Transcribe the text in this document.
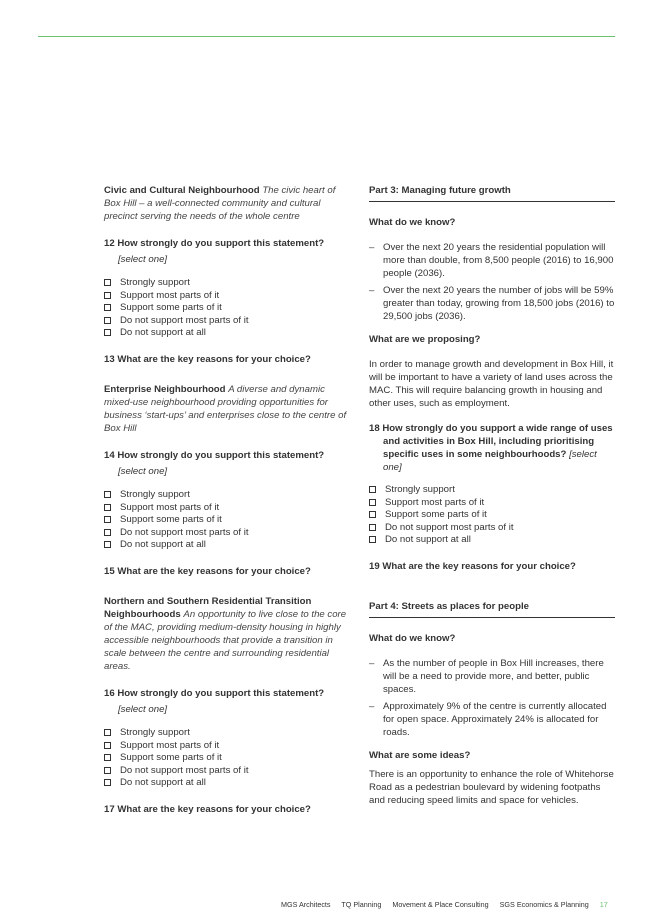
Civic and Cultural Neighbourhood The civic heart of Box Hill – a well-connected community and cultural precinct serving the needs of the whole centre

12 How strongly do you support this statement?
[select one]
Strongly support
Support most parts of it
Support some parts of it
Do not support most parts of it
Do not support at all
13 What are the key reasons for your choice?

Enterprise Neighbourhood A diverse and dynamic mixed-use neighbourhood providing opportunities for business ‘start-ups’ and enterprises close to the centre of Box Hill

14 How strongly do you support this statement?
[select one]
Strongly support
Support most parts of it
Support some parts of it
Do not support most parts of it
Do not support at all
15 What are the key reasons for your choice?

Northern and Southern Residential Transition Neighbourhoods An opportunity to live close to the core of the MAC, providing medium-density housing in highly accessible neighbourhoods that provide a transition in scale between the centre and surrounding residential areas.

16 How strongly do you support this statement?
[select one]
Strongly support
Support most parts of it
Support some parts of it
Do not support most parts of it
Do not support at all
17 What are the key reasons for your choice?
Part 3: Managing future growth
What do we know?
– Over the next 20 years the residential population will more than double, from 8,500 people (2016) to 16,900 people (2036).
– Over the next 20 years the number of jobs will be 59% greater than today, growing from 18,500 jobs (2016) to 29,500 jobs (2036).
What are we proposing?

In order to manage growth and development in Box Hill, it will be important to have a variety of land uses across the MAC. This will require balancing growth in housing and other uses, such as employment.

18 How strongly do you support a wide range of uses and activities in Box Hill, including prioritising specific uses in some neighbourhoods? [select one]
Strongly support
Support most parts of it
Support some parts of it
Do not support most parts of it
Do not support at all
19 What are the key reasons for your choice?
Part 4: Streets as places for people
What do we know?
– As the number of people in Box Hill increases, there will be a need to provide more, and better, public spaces.
– Approximately 9% of the centre is currently allocated for open space. Approximately 24% is allocated for roads.
What are some ideas?

There is an opportunity to enhance the role of Whitehorse Road as a pedestrian boulevard by widening footpaths and reducing speed limits and space for vehicles.

MGS Architects TQ Planning Movement & Place Consulting SGS Economics & Planning 17
